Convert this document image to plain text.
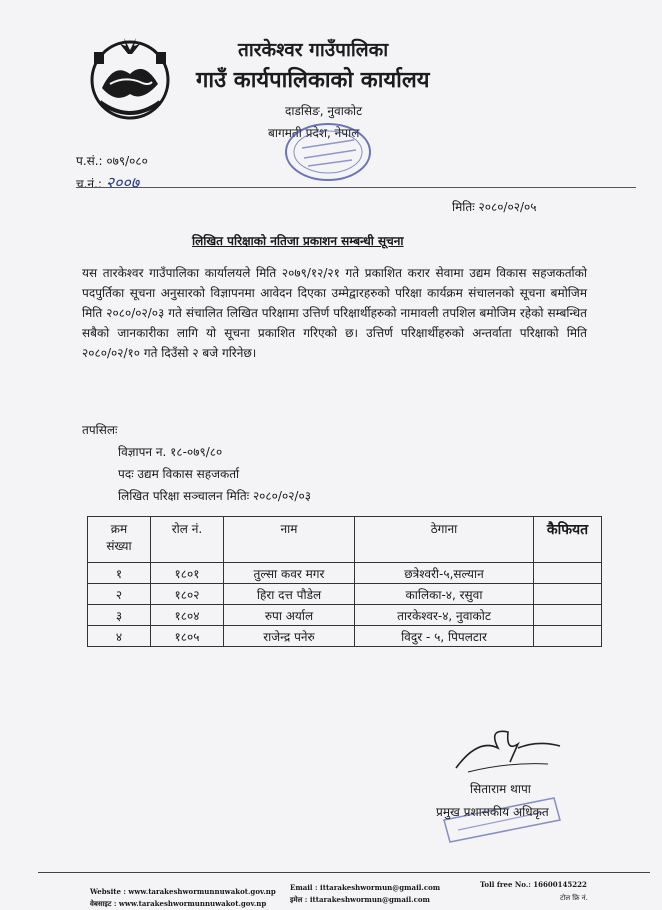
तारकेश्वर गाउँपालिका
गाउँ कार्यपालिकाको कार्यालय
दाडसिङ, नुवाकोट
बागमती प्रदेश, नेपाल
प.सं.: ०७९/०८०
च.नं.: २००७
मितिः २०८०/०२/०५
लिखित परिक्षाको नतिजा प्रकाशन सम्बन्धी सूचना
यस तारकेश्वर गाउँपालिका कार्यालयले मिति २०७९/१२/२१ गते प्रकाशित करार सेवामा उद्यम विकास सहजकर्ताको पदपुर्तिका सूचना अनुसारको विज्ञापनमा आवेदन दिएका उम्मेद्वारहरुको परिक्षा कार्यक्रम संचालनको सूचना बमोजिम मिति २०८०/०२/०३ गते संचालित लिखित परिक्षामा उत्तिर्ण परिक्षार्थीहरुको नामावली तपशिल बमोजिम रहेको सम्बन्धित सबैको जानकारीका लागि यो सूचना प्रकाशित गरिएको छ। उत्तिर्ण परिक्षार्थीहरुको अन्तर्वाता परिक्षाको मिति २०८०/०२/१० गते दिउँसो २ बजे गरिनेछ।
तपसिलः
विज्ञापन न. १८-०७९/८०
पदः उद्यम विकास सहजकर्ता
लिखित परिक्षा सञ्चालन मितिः २०८०/०२/०३
क्रम
संख्या	रोल नं.	नाम	ठेगाना	कैफियत
१	१८०१	तुल्सा कवर मगर	छत्रेश्वरी-५,सल्यान	
२	१८०२	हिरा दत्त पौडेल	कालिका-४, रसुवा	
३	१८०४	रुपा अर्याल	तारकेश्वर-४, नुवाकोट	
४	१८०५	राजेन्द्र पनेरु	विदुर - ५, पिपलटार	
सिताराम थापा
प्रमुख प्रशासकीय अधिकृत
Website : www.tarakeshwormunnuwakot.gov.np
वेबसाइट : www.tarakeshwormunnuwakot.gov.np
Email : ittarakeshwormun@gmail.com
इमेल : ittarakeshwormun@gmail.com
Toll free No.: 16600145222
टोल फ्रि नं.
